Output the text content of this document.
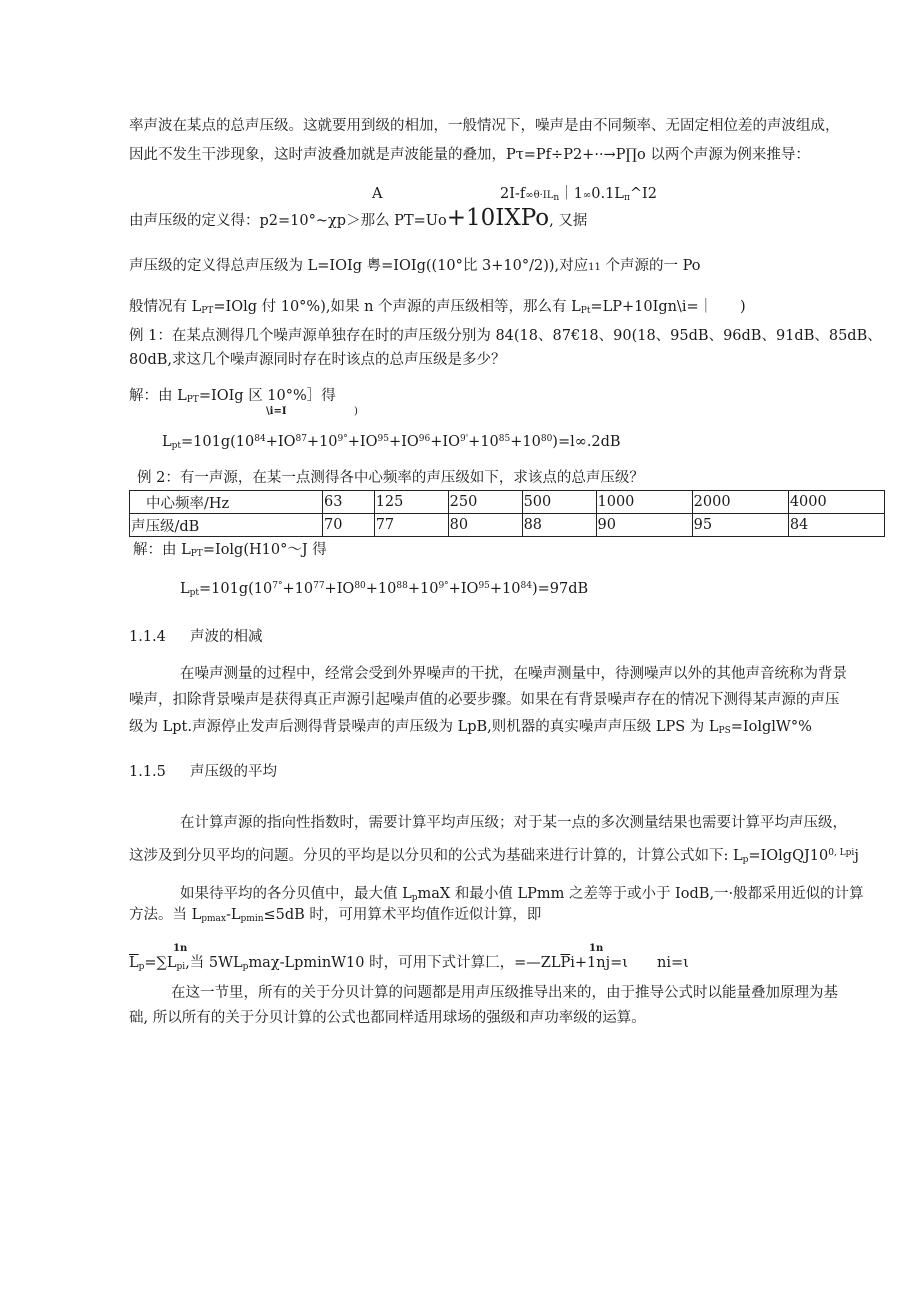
率声波在某点的总声压级。这就要用到级的相加，一般情况下，噪声是由不同频率、无固定相位差的声波组成，
因此不发生干涉现象，这时声波叠加就是声波能量的叠加，Pτ=Pf÷P2+··→P∏o 以两个声源为例来推导：
A	$2I-f\infty\theta\cdot IL_n|1\infty 0.1L_\pi\^{}I2$
由声压级的定义得：p2=10°~χp＞那么 PT=Uo+10IXPo, 又据
声压级的定义得总声压级为 L=IOIg 粤=IOIg((10°比 3+10°/2)),对应11 个声源的一 Po
般情况有 $L_{PT}=IOlg$ 付 10°%),如果 n 个声源的声压级相等，那么有 $L_{Pt}=LP+10Ign\backslash i=|$ )
例 1：在某点测得几个噪声源单独存在时的声压级分别为 84(18、87€18、90(18、95dB、96dB、91dB、85dB、
80dB,求这几个噪声源同时存在时该点的总声压级是多少？
解：由 $L_{PT}=IOIg$ 区 10°%］得
\i=I	)
$L_{pt}=101g(10^{84}+IO^{87}+10^{9^\circ}+IO^{95}+IO^{96}+IO^{9'}+10^{85}+10^{80})=l\infty.2dB$
例 2：有一声源，在某一点测得各中心频率的声压级如下，求该点的总声压级？
中心频率/Hz	63	125	250	500	1000	2000	4000
声压级/dB	70	77	80	88	90	95	84
解：由 $L_{PT}=Iolg(H10^\circ\sim J$ 得
$L_{pt}=101g(10^{7^\circ}+10^{77}+IO^{80}+10^{88}+10^{9^\circ}+IO^{95}+10^{84})=97dB$
1.1.4 声波的相减
在噪声测量的过程中，经常会受到外界噪声的干扰，在噪声测量中，待测噪声以外的其他声音统称为背景
噪声，扣除背景噪声是获得真正声源引起噪声值的必要步骤。如果在有背景噪声存在的情况下测得某声源的声压
级为 Lpt.声源停止发声后测得背景噪声的声压级为 LpB,则机器的真实噪声声压级 LPS 为 $L_{PS}=IolglW^\circ\%$
1.1.5 声压级的平均
在计算声源的指向性指数时，需要计算平均声压级；对于某一点的多次测量结果也需要计算平均声压级，
这涉及到分贝平均的问题。分贝的平均是以分贝和的公式为基础来进行计算的，计算公式如下: $L_p=IOlgQJ10^{0, Lpi}j$
如果待平均的各分贝值中，最大值 $L_pmaX$ 和最小值 LPmm 之差等于或小于 IodB,一·般都采用近似的计算
方法。当 $L_{pmax}-L_{pmin}\le 5dB$ 时，可用算术平均值作近似计算，即
1n	1n
$\overline{L}_p=\sum L_{pi}$,当 $5WL_pma\chi-LpminW10$ 时，可用下式计算匚，$=—ZL\overline{P}i+1nj=\iota$ ni=ι
在这一节里，所有的关于分贝计算的问题都是用声压级推导出来的，由于推导公式时以能量叠加原理为基
础, 所以所有的关于分贝计算的公式也都同样适用球场的强级和声功率级的运算。
